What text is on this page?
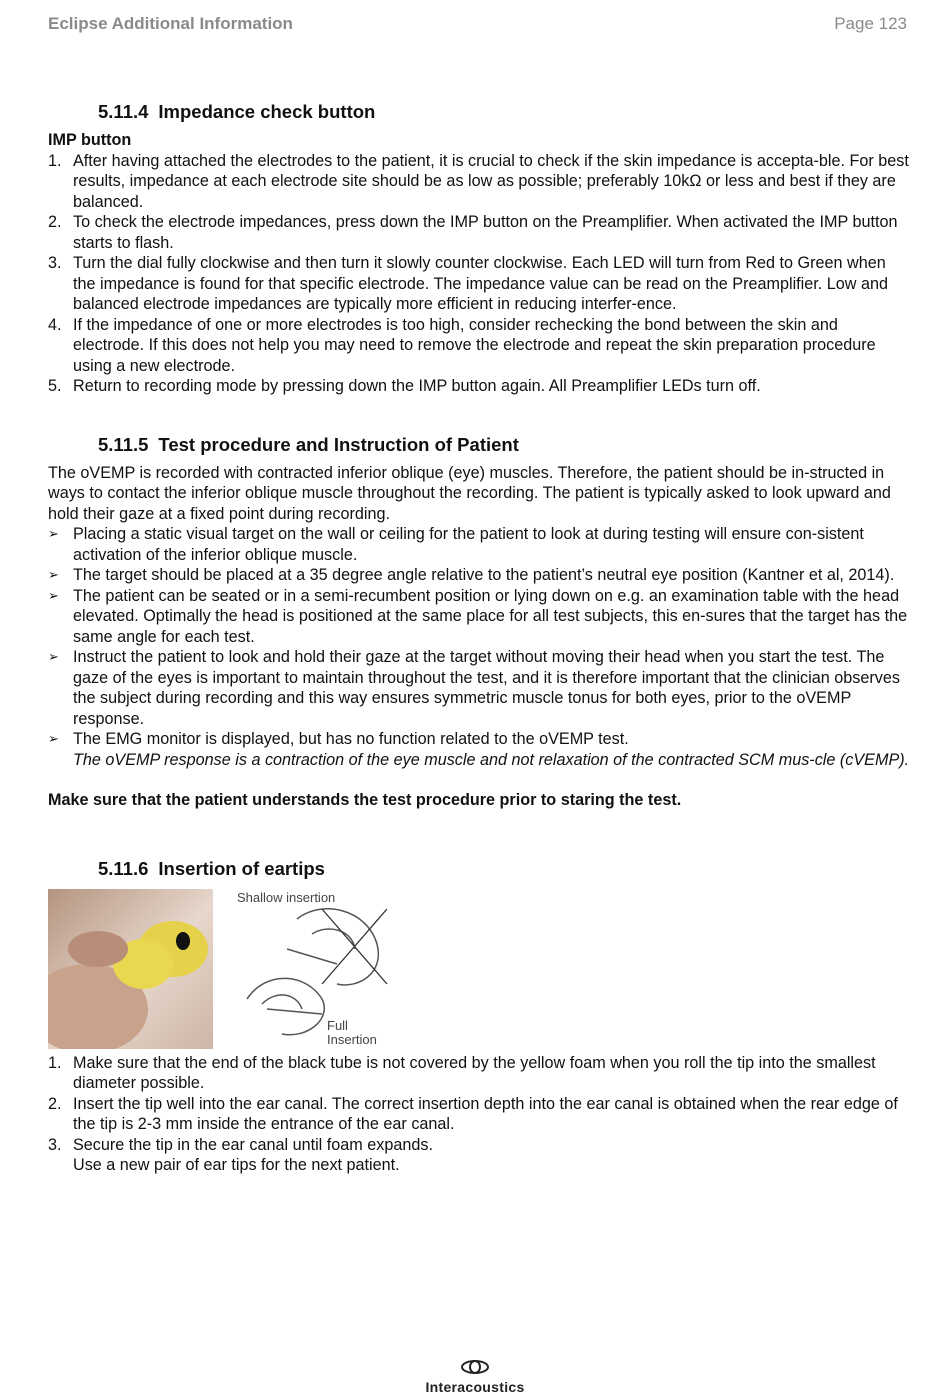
Eclipse Additional Information	Page 123
5.11.4 Impedance check button
IMP button
1. After having attached the electrodes to the patient, it is crucial to check if the skin impedance is accepta-ble. For best results, impedance at each electrode site should be as low as possible; preferably 10kΩ or less and best if they are balanced.
2. To check the electrode impedances, press down the IMP button on the Preamplifier. When activated the IMP button starts to flash.
3. Turn the dial fully clockwise and then turn it slowly counter clockwise. Each LED will turn from Red to Green when the impedance is found for that specific electrode. The impedance value can be read on the Preamplifier. Low and balanced electrode impedances are typically more efficient in reducing interfer-ence.
4. If the impedance of one or more electrodes is too high, consider rechecking the bond between the skin and electrode. If this does not help you may need to remove the electrode and repeat the skin preparation procedure using a new electrode.
5. Return to recording mode by pressing down the IMP button again. All Preamplifier LEDs turn off.
5.11.5 Test procedure and Instruction of Patient

The oVEMP is recorded with contracted inferior oblique (eye) muscles. Therefore, the patient should be in-structed in ways to contact the inferior oblique muscle throughout the recording. The patient is typically asked to look upward and hold their gaze at a fixed point during recording.

➢ Placing a static visual target on the wall or ceiling for the patient to look at during testing will ensure con-sistent activation of the inferior oblique muscle.
➢ The target should be placed at a 35 degree angle relative to the patient’s neutral eye position (Kantner et al, 2014).
➢ The patient can be seated or in a semi-recumbent position or lying down on e.g. an examination table with the head elevated. Optimally the head is positioned at the same place for all test subjects, this en-sures that the target has the same angle for each test.
➢ Instruct the patient to look and hold their gaze at the target without moving their head when you start the test. The gaze of the eyes is important to maintain throughout the test, and it is therefore important that the clinician observes the subject during recording and this way ensures symmetric muscle tonus for both eyes, prior to the oVEMP response.
➢ The EMG monitor is displayed, but has no function related to the oVEMP test.
The oVEMP response is a contraction of the eye muscle and not relaxation of the contracted SCM mus-cle (cVEMP).

Make sure that the patient understands the test procedure prior to staring the test.

5.11.6 Insertion of eartips
Shallow insertion
Full Insertion
1. Make sure that the end of the black tube is not covered by the yellow foam when you roll the tip into the smallest diameter possible.
2. Insert the tip well into the ear canal. The correct insertion depth into the ear canal is obtained when the rear edge of the tip is 2-3 mm inside the entrance of the ear canal.
3. Secure the tip in the ear canal until foam expands.
Use a new pair of ear tips for the next patient.

Interacoustics
